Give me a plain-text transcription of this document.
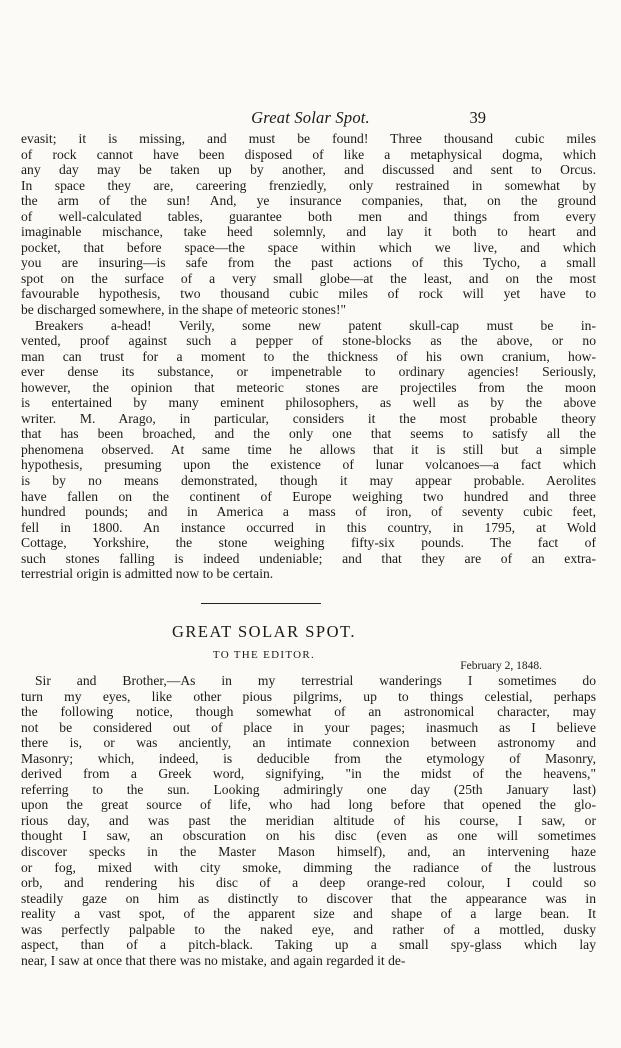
Great Solar Spot.	39
evasit; it is missing, and must be found! Three thousand cubic miles
of rock cannot have been disposed of like a metaphysical dogma, which
any day may be taken up by another, and discussed and sent to Orcus.
In space they are, careering frenziedly, only restrained in somewhat by
the arm of the sun! And, ye insurance companies, that, on the ground
of well-calculated tables, guarantee both men and things from every
imaginable mischance, take heed solemnly, and lay it both to heart and
pocket, that before space—the space within which we live, and which
you are insuring—is safe from the past actions of this Tycho, a small
spot on the surface of a very small globe—at the least, and on the most
favourable hypothesis, two thousand cubic miles of rock will yet have to
be discharged somewhere, in the shape of meteoric stones!"
Breakers a-head! Verily, some new patent skull-cap must be in-
vented, proof against such a pepper of stone-blocks as the above, or no
man can trust for a moment to the thickness of his own cranium, how-
ever dense its substance, or impenetrable to ordinary agencies! Seriously,
however, the opinion that meteoric stones are projectiles from the moon
is entertained by many eminent philosophers, as well as by the above
writer. M. Arago, in particular, considers it the most probable theory
that has been broached, and the only one that seems to satisfy all the
phenomena observed. At same time he allows that it is still but a simple
hypothesis, presuming upon the existence of lunar volcanoes—a fact which
is by no means demonstrated, though it may appear probable. Aerolites
have fallen on the continent of Europe weighing two hundred and three
hundred pounds; and in America a mass of iron, of seventy cubic feet,
fell in 1800. An instance occurred in this country, in 1795, at Wold
Cottage, Yorkshire, the stone weighing fifty-six pounds. The fact of
such stones falling is indeed undeniable; and that they are of an extra-
terrestrial origin is admitted now to be certain.
GREAT SOLAR SPOT.
TO THE EDITOR.
February 2, 1848.
Sir and Brother,—As in my terrestrial wanderings I sometimes do
turn my eyes, like other pious pilgrims, up to things celestial, perhaps
the following notice, though somewhat of an astronomical character, may
not be considered out of place in your pages; inasmuch as I believe
there is, or was anciently, an intimate connexion between astronomy and
Masonry; which, indeed, is deducible from the etymology of Masonry,
derived from a Greek word, signifying, "in the midst of the heavens,"
referring to the sun. Looking admiringly one day (25th January last)
upon the great source of life, who had long before that opened the glo-
rious day, and was past the meridian altitude of his course, I saw, or
thought I saw, an obscuration on his disc (even as one will sometimes
discover specks in the Master Mason himself), and, an intervening haze
or fog, mixed with city smoke, dimming the radiance of the lustrous
orb, and rendering his disc of a deep orange-red colour, I could so
steadily gaze on him as distinctly to discover that the appearance was in
reality a vast spot, of the apparent size and shape of a large bean. It
was perfectly palpable to the naked eye, and rather of a mottled, dusky
aspect, than of a pitch-black. Taking up a small spy-glass which lay
near, I saw at once that there was no mistake, and again regarded it de-
